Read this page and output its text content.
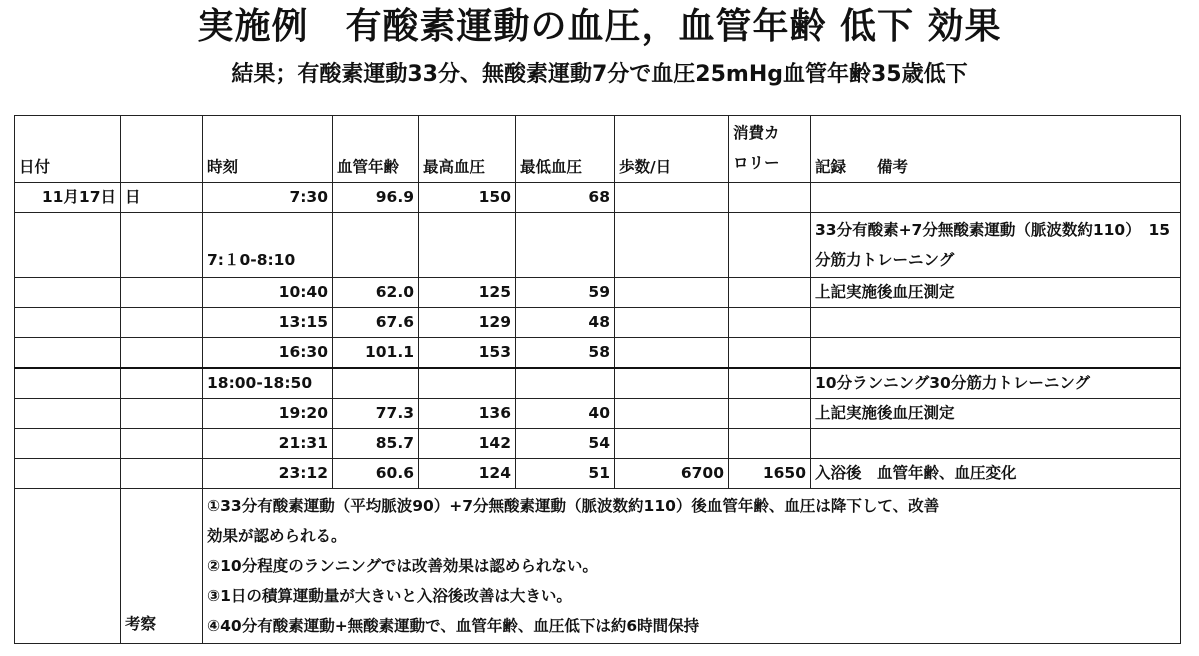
実施例　有酸素運動の血圧，血管年齢 低下 効果
結果；有酸素運動33分、無酸素運動7分で血圧25mHg血管年齢35歳低下
日付		時刻	血管年齢	最高血圧	最低血圧	歩数/日	消費カ
ロリー	記録　　備考
11月17日	日	7:30	96.9	150	68			
		7:１0-8:10						33分有酸素+7分無酸素運動（脈波数約110）　15分筋力トレーニング
		10:40	62.0	125	59			上記実施後血圧測定
		13:15	67.6	129	48			
		16:30	101.1	153	58			
		18:00-18:50						10分ランニング30分筋力トレーニング
		19:20	77.3	136	40			上記実施後血圧測定
		21:31	85.7	142	54			
		23:12	60.6	124	51	6700	1650	入浴後　血管年齢、血圧変化
	考察	①33分有酸素運動（平均脈波90）+7分無酸素運動（脈波数約110）後血管年齢、血圧は降下して、改善
効果が認められる。
②10分程度のランニングでは改善効果は認められない。
③1日の積算運動量が大きいと入浴後改善は大きい。
④40分有酸素運動+無酸素運動で、血管年齢、血圧低下は約6時間保持						
